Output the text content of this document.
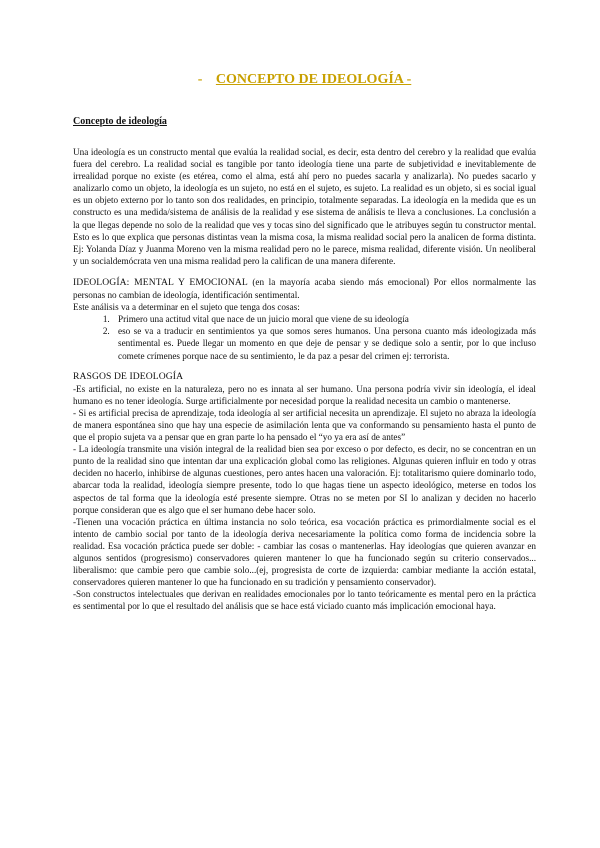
- CONCEPTO DE IDEOLOGÍA -
Concepto de ideología

Una ideología es un constructo mental que evalúa la realidad social, es decir, esta dentro del cerebro y la realidad que evalúa fuera del cerebro. La realidad social es tangible por tanto ideología tiene una parte de subjetividad e inevitablemente de irrealidad porque no existe (es etérea, como el alma, está ahí pero no puedes sacarla y analizarla). No puedes sacarlo y analizarlo como un objeto, la ideología es un sujeto, no está en el sujeto, es sujeto. La realidad es un objeto, si es social igual es un objeto externo por lo tanto son dos realidades, en principio, totalmente separadas. La ideología en la medida que es un constructo es una medida/sistema de análisis de la realidad y ese sistema de análisis te lleva a conclusiones. La conclusión a la que llegas depende no solo de la realidad que ves y tocas sino del significado que le atribuyes según tu constructor mental. Esto es lo que explica que personas distintas vean la misma cosa, la misma realidad social pero la analicen de forma distinta. Ej: Yolanda Díaz y Juanma Moreno ven la misma realidad pero no le parece, misma realidad, diferente visión. Un neoliberal y un socialdemócrata ven una misma realidad pero la califican de una manera diferente.

IDEOLOGÍA: MENTAL Y EMOCIONAL (en la mayoría acaba siendo más emocional) Por ellos normalmente las personas no cambian de ideología, identificación sentimental.

Este análisis va a determinar en el sujeto que tenga dos cosas:

1. Primero una actitud vital que nace de un juicio moral que viene de su ideología
2. eso se va a traducir en sentimientos ya que somos seres humanos. Una persona cuanto más ideologizada más sentimental es. Puede llegar un momento en que deje de pensar y se dedique solo a sentir, por lo que incluso comete crímenes porque nace de su sentimiento, le da paz a pesar del crimen ej: terrorista.

RASGOS DE IDEOLOGÍA

-Es artificial, no existe en la naturaleza, pero no es innata al ser humano. Una persona podría vivir sin ideología, el ideal humano es no tener ideología. Surge artificialmente por necesidad porque la realidad necesita un cambio o mantenerse.

- Si es artificial precisa de aprendizaje, toda ideología al ser artificial necesita un aprendizaje. El sujeto no abraza la ideología de manera espontánea sino que hay una especie de asimilación lenta que va conformando su pensamiento hasta el punto de que el propio sujeta va a pensar que en gran parte lo ha pensado el “yo ya era así de antes”

- La ideología transmite una visión integral de la realidad bien sea por exceso o por defecto, es decir, no se concentran en un punto de la realidad sino que intentan dar una explicación global como las religiones. Algunas quieren influir en todo y otras deciden no hacerlo, inhibirse de algunas cuestiones, pero antes hacen una valoración. Ej: totalitarismo quiere dominarlo todo, abarcar toda la realidad, ideología siempre presente, todo lo que hagas tiene un aspecto ideológico, meterse en todos los aspectos de tal forma que la ideología esté presente siempre. Otras no se meten por SI lo analizan y deciden no hacerlo porque consideran que es algo que el ser humano debe hacer solo.

-Tienen una vocación práctica en última instancia no solo teórica, esa vocación práctica es primordialmente social es el intento de cambio social por tanto de la ideología deriva necesariamente la política como forma de incidencia sobre la realidad. Esa vocación práctica puede ser doble: - cambiar las cosas o mantenerlas. Hay ideologías que quieren avanzar en algunos sentidos (progresismo) conservadores quieren mantener lo que ha funcionado según su criterio conservados... liberalismo: que cambie pero que cambie solo...(ej, progresista de corte de izquierda: cambiar mediante la acción estatal, conservadores quieren mantener lo que ha funcionado en su tradición y pensamiento conservador).

-Son constructos intelectuales que derivan en realidades emocionales por lo tanto teóricamente es mental pero en la práctica es sentimental por lo que el resultado del análisis que se hace está viciado cuanto más implicación emocional haya.
